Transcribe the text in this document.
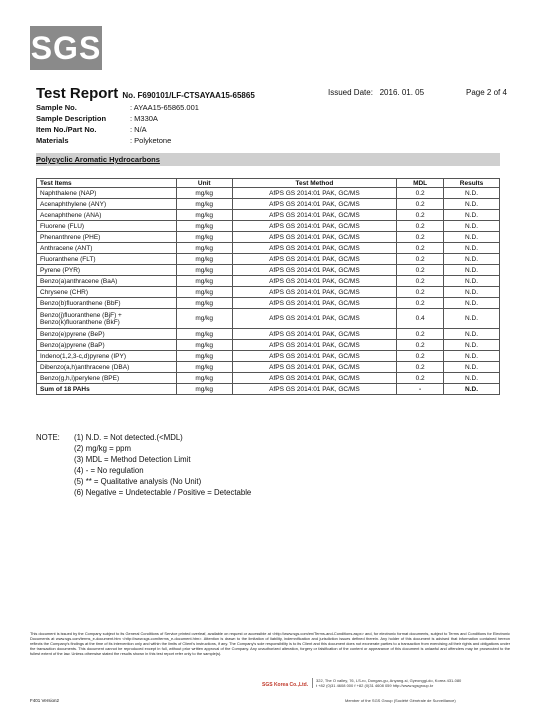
SGS
Test Report No. F690101/LF-CTSAYAA15-65865	Issued Date: 2016. 01. 05	Page 2 of 4
Sample No.	: AYAA15-65865.001
Sample Description	: M330A
Item No./Part No.	: N/A
Materials	: Polyketone
Polycyclic Aromatic Hydrocarbons
Test Items	Unit	Test Method	MDL	Results
Naphthalene (NAP)	mg/kg	AfPS GS 2014:01 PAK, GC/MS	0.2	N.D.
Acenaphthylene (ANY)	mg/kg	AfPS GS 2014:01 PAK, GC/MS	0.2	N.D.
Acenaphthene (ANA)	mg/kg	AfPS GS 2014:01 PAK, GC/MS	0.2	N.D.
Fluorene (FLU)	mg/kg	AfPS GS 2014:01 PAK, GC/MS	0.2	N.D.
Phenanthrene (PHE)	mg/kg	AfPS GS 2014:01 PAK, GC/MS	0.2	N.D.
Anthracene (ANT)	mg/kg	AfPS GS 2014:01 PAK, GC/MS	0.2	N.D.
Fluoranthene (FLT)	mg/kg	AfPS GS 2014:01 PAK, GC/MS	0.2	N.D.
Pyrene (PYR)	mg/kg	AfPS GS 2014:01 PAK, GC/MS	0.2	N.D.
Benzo(a)anthracene (BaA)	mg/kg	AfPS GS 2014:01 PAK, GC/MS	0.2	N.D.
Chrysene (CHR)	mg/kg	AfPS GS 2014:01 PAK, GC/MS	0.2	N.D.
Benzo(b)fluoranthene (BbF)	mg/kg	AfPS GS 2014:01 PAK, GC/MS	0.2	N.D.

Benzo(j)fluoranthene (BjF) +
Benzo(k)fluoranthene (BkF)	mg/kg	AfPS GS 2014:01 PAK, GC/MS	0.4	N.D.
Benzo(e)pyrene (BeP)	mg/kg	AfPS GS 2014:01 PAK, GC/MS	0.2	N.D.
Benzo(a)pyrene (BaP)	mg/kg	AfPS GS 2014:01 PAK, GC/MS	0.2	N.D.
Indeno(1,2,3-c,d)pyrene (IPY)	mg/kg	AfPS GS 2014:01 PAK, GC/MS	0.2	N.D.
Dibenzo(a,h)anthracene (DBA)	mg/kg	AfPS GS 2014:01 PAK, GC/MS	0.2	N.D.
Benzo(g,h,i)perylene (BPE)	mg/kg	AfPS GS 2014:01 PAK, GC/MS	0.2	N.D.
Sum of 18 PAHs	mg/kg	AfPS GS 2014:01 PAK, GC/MS	-	N.D.
NOTE: (1) N.D. = Not detected.(<MDL)
(2) mg/kg = ppm
(3) MDL = Method Detection Limit
(4) - = No regulation
(5) ** = Qualitative analysis (No Unit)
(6) Negative = Undetectable / Positive = Detectable
This document is issued by the Company subject to its General Conditions of Service printed overleaf, available on request or accessible at <http://www.sgs.com/en/Terms-and-Conditions.aspx> and, for electronic format documents, subject to Terms and Conditions for Electronic Documents at www.sgs.com/terms_e-document.htm <http://www.sgs.com/terms_e-document.htm>. Attention is drawn to the limitation of liability, indemnification and jurisdiction issues defined therein. Any holder of this document is advised that information contained hereon reflects the Company's findings at the time of its intervention only and within the limits of Client's instructions, if any. The Company's sole responsibility is to its Client and this document does not exonerate parties to a transaction from exercising all their rights and obligations under the transaction documents. This document cannot be reproduced except in full, without prior written approval of the Company. Any unauthorized alteration, forgery or falsification of the content or appearance of this document is unlawful and offenders may be prosecuted to the fullest extent of the law. Unless otherwise stated the results shown in this test report refer only to the sample(s).
F401 Version2
SGS Korea Co.,Ltd.
322, The O valley, 76, LS-ro, Dongan-gu, Anyang-si, Gyeonggi-do, Korea 431-080
t +82 (0)31 4608 000 f +82 (0)31 4608 059 http://www.sgsgroup.kr
Member of the SGS Group (Société Générale de Surveillance)
